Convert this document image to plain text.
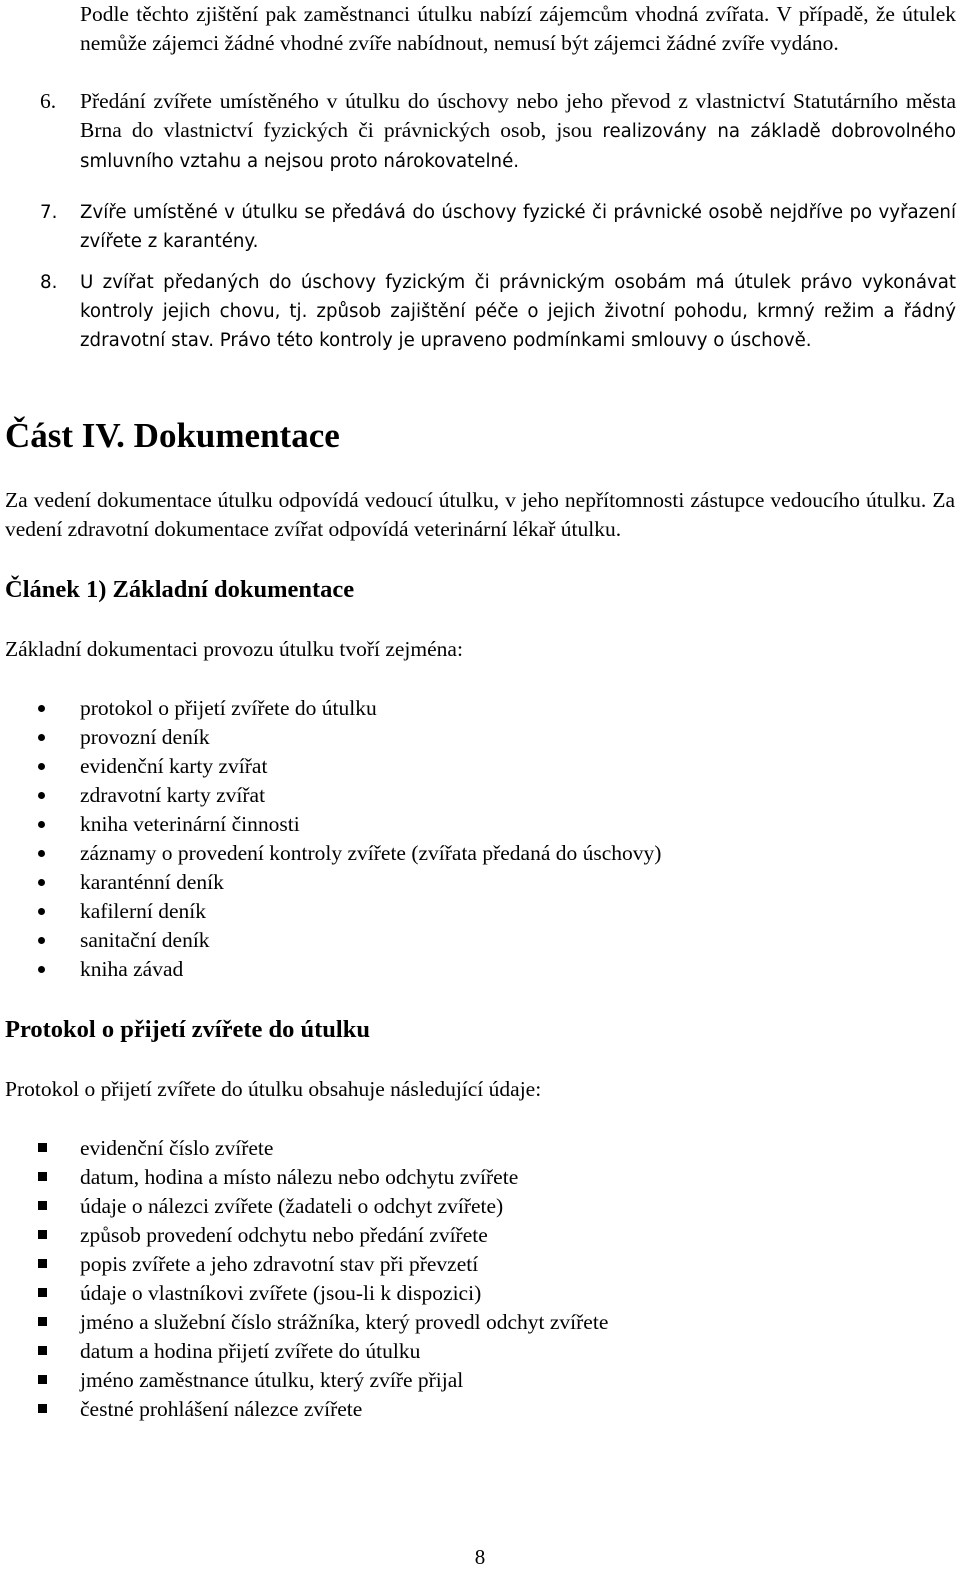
Podle těchto zjištění pak zaměstnanci útulku nabízí zájemcům vhodná zvířata. V případě, že útulek nemůže zájemci žádné vhodné zvíře nabídnout, nemusí být zájemci žádné zvíře vydáno.

6. Předání zvířete umístěného v útulku do úschovy nebo jeho převod z vlastnictví Statutárního města Brna do vlastnictví fyzických či právnických osob, jsou realizovány na základě dobrovolného smluvního vztahu a nejsou proto nárokovatelné.

7. Zvíře umístěné v útulku se předává do úschovy fyzické či právnické osobě nejdříve po vyřazení zvířete z karantény.

8. U zvířat předaných do úschovy fyzickým či právnickým osobám má útulek právo vykonávat kontroly jejich chovu, tj. způsob zajištění péče o jejich životní pohodu, krmný režim a řádný zdravotní stav. Právo této kontroly je upraveno podmínkami smlouvy o úschově.

Část IV. Dokumentace

Za vedení dokumentace útulku odpovídá vedoucí útulku, v jeho nepřítomnosti zástupce vedoucího útulku. Za vedení zdravotní dokumentace zvířat odpovídá veterinární lékař útulku.

Článek 1) Základní dokumentace

Základní dokumentaci provozu útulku tvoří zejména:

protokol o přijetí zvířete do útulku
provozní deník
evidenční karty zvířat
zdravotní karty zvířat
kniha veterinární činnosti
záznamy o provedení kontroly zvířete (zvířata předaná do úschovy)
karanténní deník
kafilerní deník
sanitační deník
kniha závad
Protokol o přijetí zvířete do útulku

Protokol o přijetí zvířete do útulku obsahuje následující údaje:

evidenční číslo zvířete
datum, hodina a místo nálezu nebo odchytu zvířete
údaje o nálezci zvířete (žadateli o odchyt zvířete)
způsob provedení odchytu nebo předání zvířete
popis zvířete a jeho zdravotní stav při převzetí
údaje o vlastníkovi zvířete (jsou-li k dispozici)
jméno a služební číslo strážníka, který provedl odchyt zvířete
datum a hodina přijetí zvířete do útulku
jméno zaměstnance útulku, který zvíře přijal
čestné prohlášení nálezce zvířete
8
